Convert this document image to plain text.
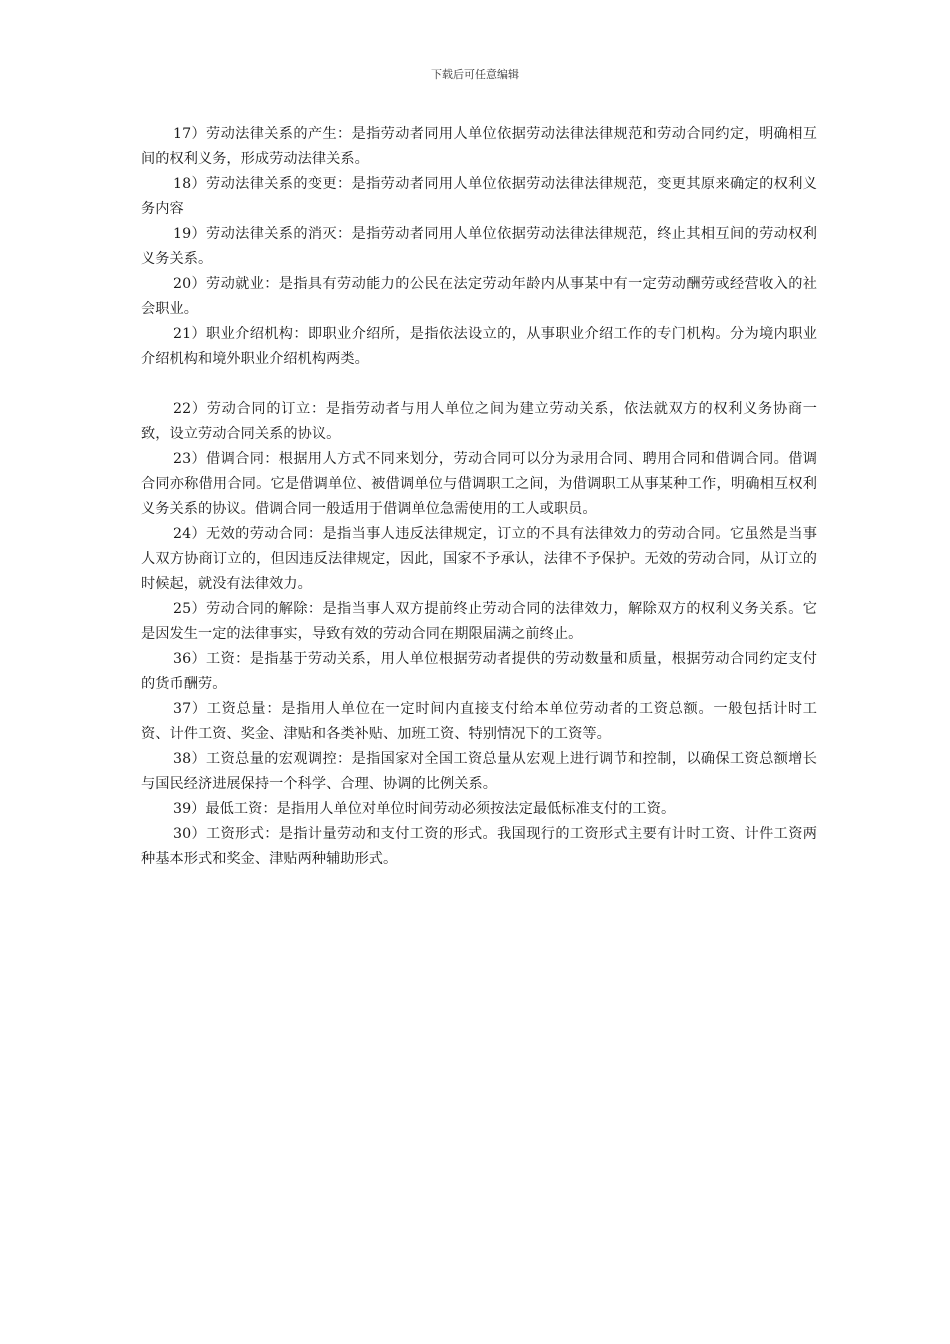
下载后可任意编辑

17）劳动法律关系的产生：是指劳动者同用人单位依据劳动法律法律规范和劳动合同约定，明确相互间的权利义务，形成劳动法律关系。

18）劳动法律关系的变更：是指劳动者同用人单位依据劳动法律法律规范，变更其原来确定的权利义务内容

19）劳动法律关系的消灭：是指劳动者同用人单位依据劳动法律法律规范，终止其相互间的劳动权利义务关系。

20）劳动就业：是指具有劳动能力的公民在法定劳动年龄内从事某中有一定劳动酬劳或经营收入的社会职业。

21）职业介绍机构：即职业介绍所，是指依法设立的，从事职业介绍工作的专门机构。分为境内职业介绍机构和境外职业介绍机构两类。

22）劳动合同的订立：是指劳动者与用人单位之间为建立劳动关系，依法就双方的权利义务协商一致，设立劳动合同关系的协议。

23）借调合同：根据用人方式不同来划分，劳动合同可以分为录用合同、聘用合同和借调合同。借调合同亦称借用合同。它是借调单位、被借调单位与借调职工之间，为借调职工从事某种工作，明确相互权利义务关系的协议。借调合同一般适用于借调单位急需使用的工人或职员。

24）无效的劳动合同：是指当事人违反法律规定，订立的不具有法律效力的劳动合同。它虽然是当事人双方协商订立的，但因违反法律规定，因此，国家不予承认，法律不予保护。无效的劳动合同，从订立的时候起，就没有法律效力。

25）劳动合同的解除：是指当事人双方提前终止劳动合同的法律效力，解除双方的权利义务关系。它是因发生一定的法律事实，导致有效的劳动合同在期限届满之前终止。

36）工资：是指基于劳动关系，用人单位根据劳动者提供的劳动数量和质量，根据劳动合同约定支付的货币酬劳。

37）工资总量：是指用人单位在一定时间内直接支付给本单位劳动者的工资总额。一般包括计时工资、计件工资、奖金、津贴和各类补贴、加班工资、特别情况下的工资等。

38）工资总量的宏观调控：是指国家对全国工资总量从宏观上进行调节和控制，以确保工资总额增长与国民经济进展保持一个科学、合理、协调的比例关系。

39）最低工资：是指用人单位对单位时间劳动必须按法定最低标准支付的工资。

30）工资形式：是指计量劳动和支付工资的形式。我国现行的工资形式主要有计时工资、计件工资两种基本形式和奖金、津贴两种辅助形式。
